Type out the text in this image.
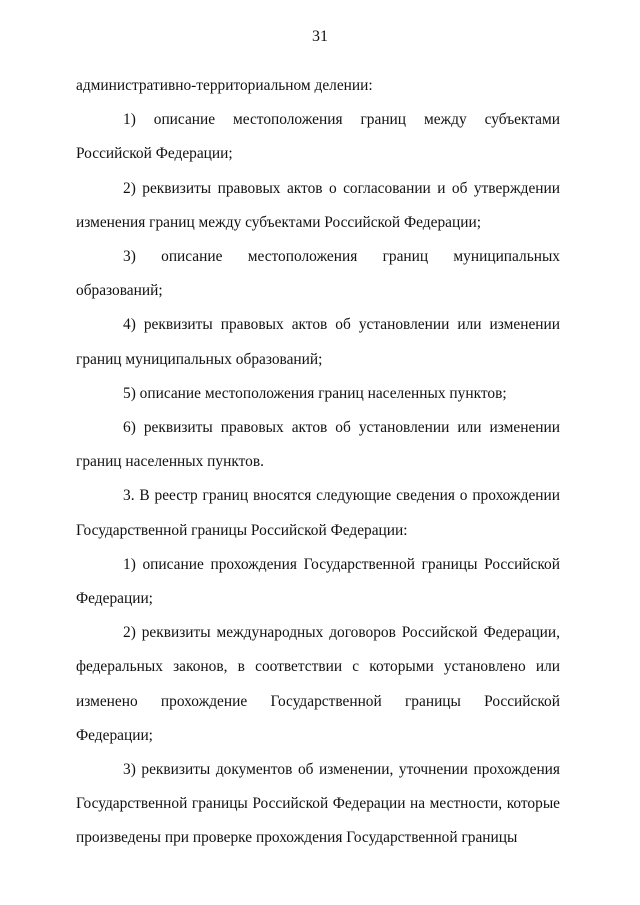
31

административно-территориальном делении:

1) описание местоположения границ между субъектами Российской Федерации;

2) реквизиты правовых актов о согласовании и об утверждении изменения границ между субъектами Российской Федерации;

3) описание местоположения границ муниципальных образований;

4) реквизиты правовых актов об установлении или изменении границ муниципальных образований;

5) описание местоположения границ населенных пунктов;

6) реквизиты правовых актов об установлении или изменении границ населенных пунктов.

3. В реестр границ вносятся следующие сведения о прохождении Государственной границы Российской Федерации:

1) описание прохождения Государственной границы Российской Федерации;

2) реквизиты международных договоров Российской Федерации, федеральных законов, в соответствии с которыми установлено или изменено прохождение Государственной границы Российской Федерации;

3) реквизиты документов об изменении, уточнении прохождения Государственной границы Российской Федерации на местности, которые произведены при проверке прохождения Государственной границы
